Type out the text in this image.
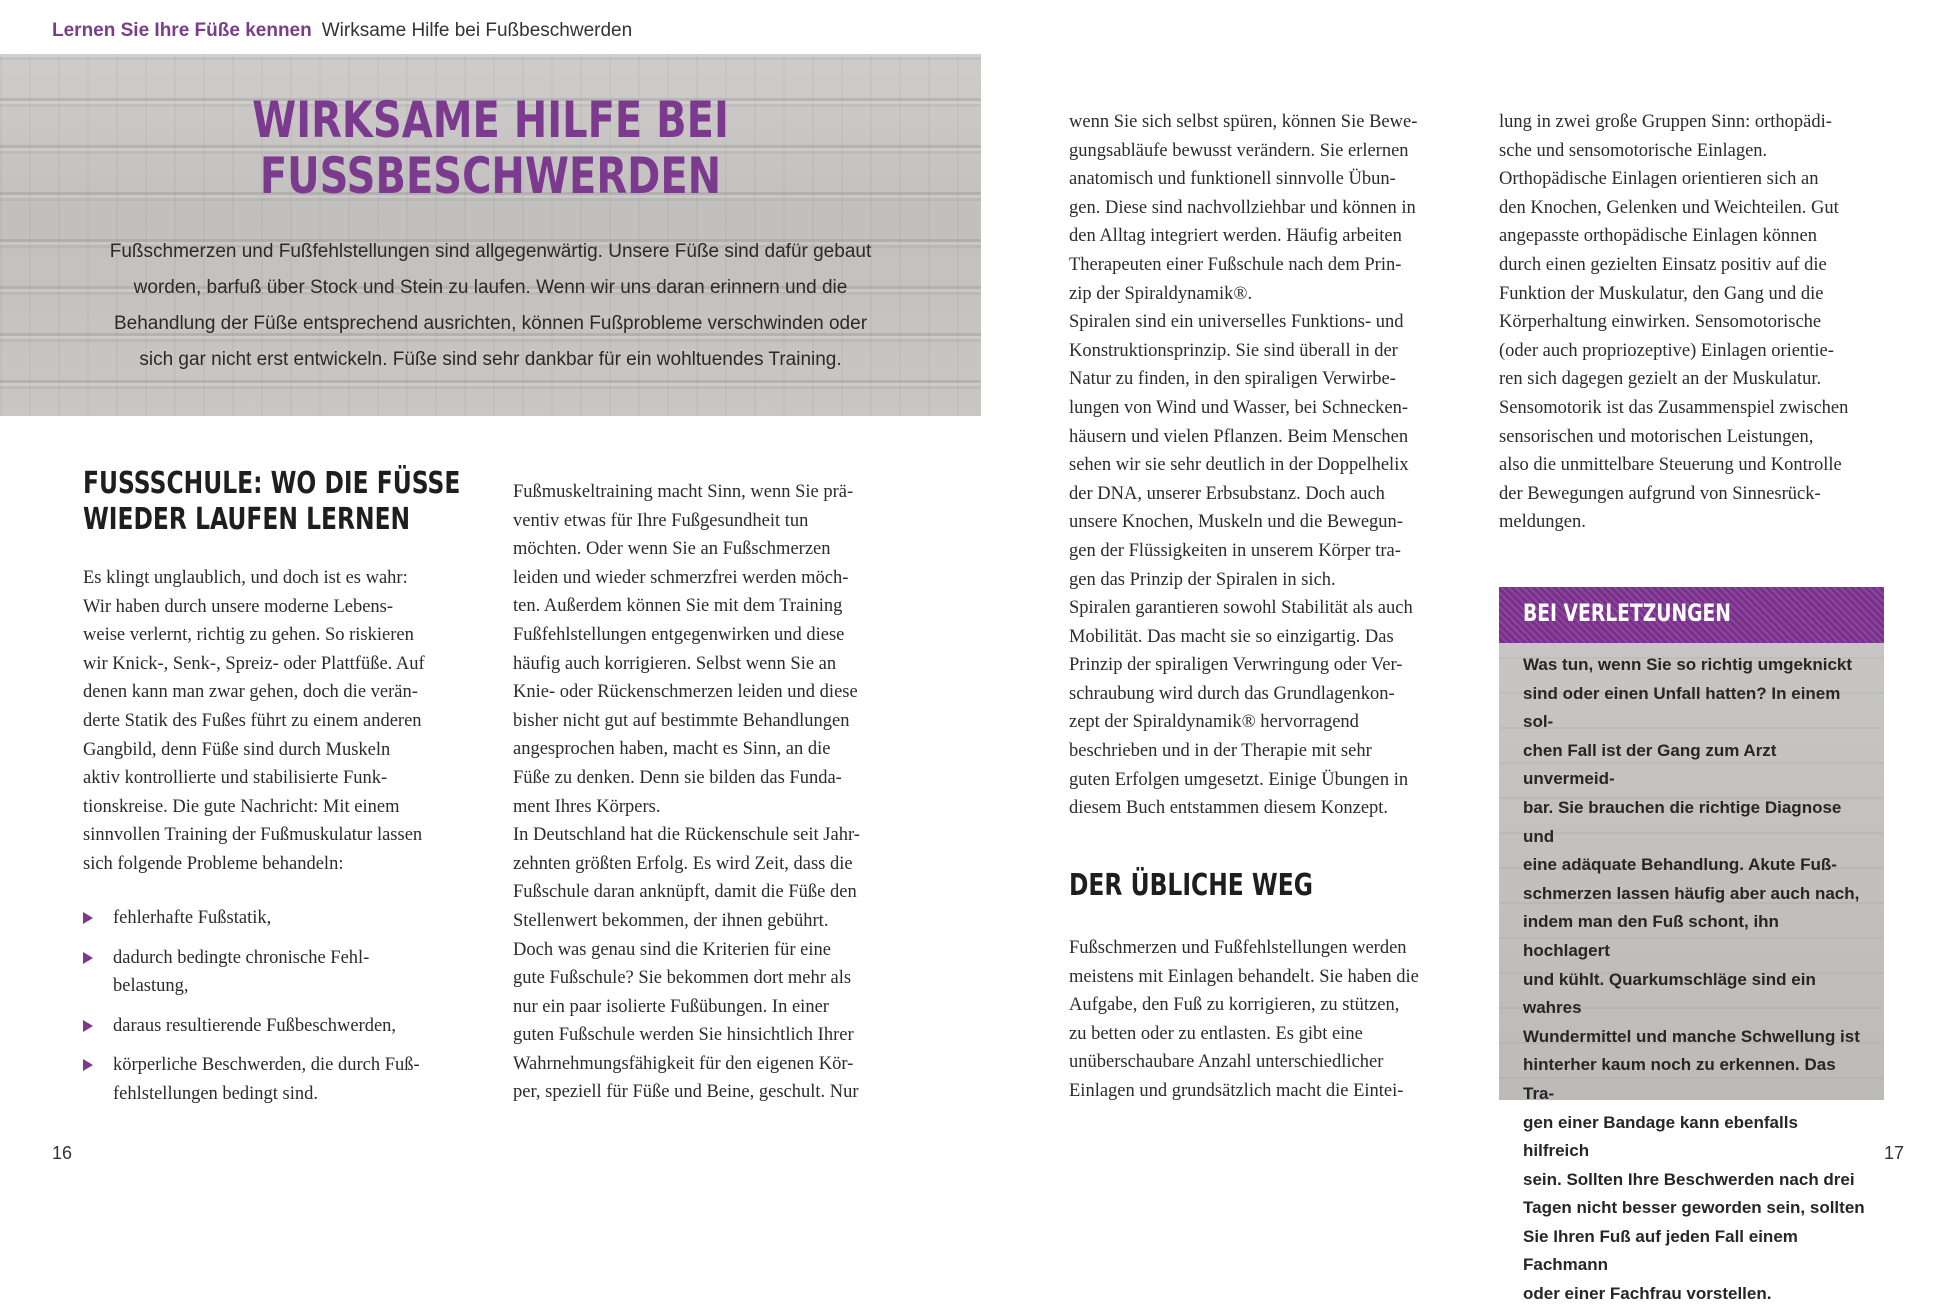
Lernen Sie Ihre Füße kennen Wirksame Hilfe bei Fußbeschwerden
WIRKSAME HILFE BEI
FUSSBESCHWERDEN
Fußschmerzen und Fußfehlstellungen sind allgegenwärtig. Unsere Füße sind dafür gebaut
worden, barfuß über Stock und Stein zu laufen. Wenn wir uns daran erinnern und die
Behandlung der Füße entsprechend ausrichten, können Fußprobleme verschwinden oder
sich gar nicht erst entwickeln. Füße sind sehr dankbar für ein wohltuendes Training.
FUSSSCHULE: WO DIE FÜSSE
WIEDER LAUFEN LERNEN
Es klingt unglaublich, und doch ist es wahr:
Wir haben durch unsere moderne Lebens-
weise verlernt, richtig zu gehen. So riskieren
wir Knick-, Senk-, Spreiz- oder Plattfüße. Auf
denen kann man zwar gehen, doch die verän-
derte Statik des Fußes führt zu einem anderen
Gangbild, denn Füße sind durch Muskeln
aktiv kontrollierte und stabilisierte Funk-
tionskreise. Die gute Nachricht: Mit einem
sinnvollen Training der Fußmuskulatur lassen
sich folgende Probleme behandeln:
fehlerhafte Fußstatik,
dadurch bedingte chronische Fehl-
belastung,
daraus resultierende Fußbeschwerden,
körperliche Beschwerden, die durch Fuß-
fehlstellungen bedingt sind.
Fußmuskeltraining macht Sinn, wenn Sie prä-
ventiv etwas für Ihre Fußgesundheit tun
möchten. Oder wenn Sie an Fußschmerzen
leiden und wieder schmerzfrei werden möch-
ten. Außerdem können Sie mit dem Training
Fußfehlstellungen entgegenwirken und diese
häufig auch korrigieren. Selbst wenn Sie an
Knie- oder Rückenschmerzen leiden und diese
bisher nicht gut auf bestimmte Behandlungen
angesprochen haben, macht es Sinn, an die
Füße zu denken. Denn sie bilden das Funda-
ment Ihres Körpers.
In Deutschland hat die Rückenschule seit Jahr-
zehnten größten Erfolg. Es wird Zeit, dass die
Fußschule daran anknüpft, damit die Füße den
Stellenwert bekommen, der ihnen gebührt.
Doch was genau sind die Kriterien für eine
gute Fußschule? Sie bekommen dort mehr als
nur ein paar isolierte Fußübungen. In einer
guten Fußschule werden Sie hinsichtlich Ihrer
Wahrnehmungsfähigkeit für den eigenen Kör-
per, speziell für Füße und Beine, geschult. Nur
wenn Sie sich selbst spüren, können Sie Bewe-
gungsabläufe bewusst verändern. Sie erlernen
anatomisch und funktionell sinnvolle Übun-
gen. Diese sind nachvollziehbar und können in
den Alltag integriert werden. Häufig arbeiten
Therapeuten einer Fußschule nach dem Prin-
zip der Spiraldynamik®.
Spiralen sind ein universelles Funktions- und
Konstruktionsprinzip. Sie sind überall in der
Natur zu finden, in den spiraligen Verwirbe-
lungen von Wind und Wasser, bei Schnecken-
häusern und vielen Pflanzen. Beim Menschen
sehen wir sie sehr deutlich in der Doppelhelix
der DNA, unserer Erbsubstanz. Doch auch
unsere Knochen, Muskeln und die Bewegun-
gen der Flüssigkeiten in unserem Körper tra-
gen das Prinzip der Spiralen in sich.
Spiralen garantieren sowohl Stabilität als auch
Mobilität. Das macht sie so einzigartig. Das
Prinzip der spiraligen Verwringung oder Ver-
schraubung wird durch das Grundlagenkon-
zept der Spiraldynamik® hervorragend
beschrieben und in der Therapie mit sehr
guten Erfolgen umgesetzt. Einige Übungen in
diesem Buch entstammen diesem Konzept.
DER ÜBLICHE WEG
Fußschmerzen und Fußfehlstellungen werden
meistens mit Einlagen behandelt. Sie haben die
Aufgabe, den Fuß zu korrigieren, zu stützen,
zu betten oder zu entlasten. Es gibt eine
unüberschaubare Anzahl unterschiedlicher
Einlagen und grundsätzlich macht die Eintei-
lung in zwei große Gruppen Sinn: orthopädi-
sche und sensomotorische Einlagen.
Orthopädische Einlagen orientieren sich an
den Knochen, Gelenken und Weichteilen. Gut
angepasste orthopädische Einlagen können
durch einen gezielten Einsatz positiv auf die
Funktion der Muskulatur, den Gang und die
Körperhaltung einwirken. Sensomotorische
(oder auch propriozeptive) Einlagen orientie-
ren sich dagegen gezielt an der Muskulatur.
Sensomotorik ist das Zusammenspiel zwischen
sensorischen und motorischen Leistungen,
also die unmittelbare Steuerung und Kontrolle
der Bewegungen aufgrund von Sinnesrück-
meldungen.
BEI VERLETZUNGEN
Was tun, wenn Sie so richtig umgeknickt
sind oder einen Unfall hatten? In einem sol-
chen Fall ist der Gang zum Arzt unvermeid-
bar. Sie brauchen die richtige Diagnose und
eine adäquate Behandlung. Akute Fuß-
schmerzen lassen häufig aber auch nach,
indem man den Fuß schont, ihn hochlagert
und kühlt. Quarkumschläge sind ein wahres
Wundermittel und manche Schwellung ist
hinterher kaum noch zu erkennen. Das Tra-
gen einer Bandage kann ebenfalls hilfreich
sein. Sollten Ihre Beschwerden nach drei
Tagen nicht besser geworden sein, sollten
Sie Ihren Fuß auf jeden Fall einem Fachmann
oder einer Fachfrau vorstellen.
16	17
